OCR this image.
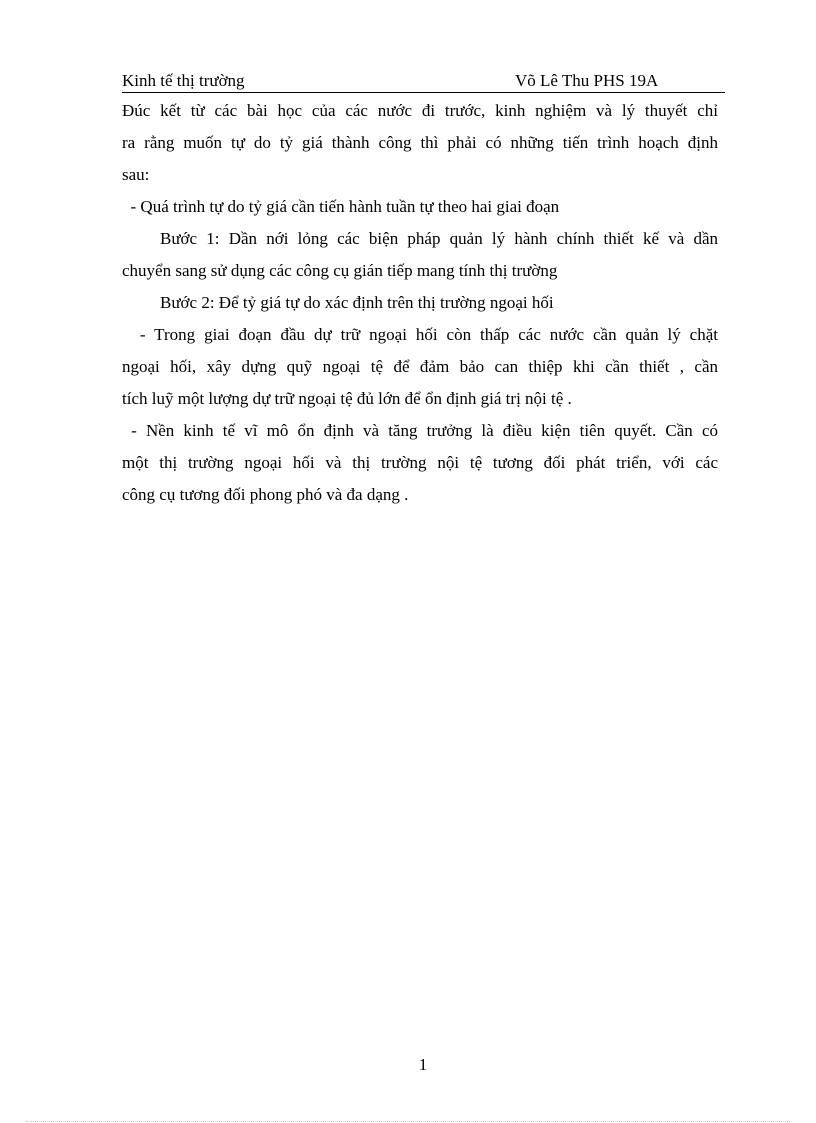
Kinh tế thị trường	Võ Lê Thu PHS 19A
Đúc kết từ các bài học của các nước đi trước, kinh nghiệm và lý thuyết chỉ
ra rằng muốn tự do tỷ giá thành công thì phải có những tiến trình hoạch định
sau:
- Quá trình tự do tỷ giá cần tiến hành tuần tự theo hai giai đoạn
Bước 1: Dần nới lỏng các biện pháp quản lý hành chính thiết kế và dần
chuyển sang sử dụng các công cụ gián tiếp mang tính thị trường
Bước 2: Để tỷ giá tự do xác định trên thị trường ngoại hối
- Trong giai đoạn đầu dự trữ ngoại hối còn thấp các nước cần quản lý chặt
ngoại hối, xây dựng quỹ ngoại tệ để đảm bảo can thiệp khi cần thiết , cần
tích luỹ một lượng dự trữ ngoại tệ đủ lớn để ổn định giá trị nội tệ .
- Nền kinh tế vĩ mô ổn định và tăng trưởng là điều kiện tiên quyết. Cần có
một thị trường ngoại hối và thị trường nội tệ tương đối phát triển, với các
công cụ tương đối phong phó và đa dạng .
1
